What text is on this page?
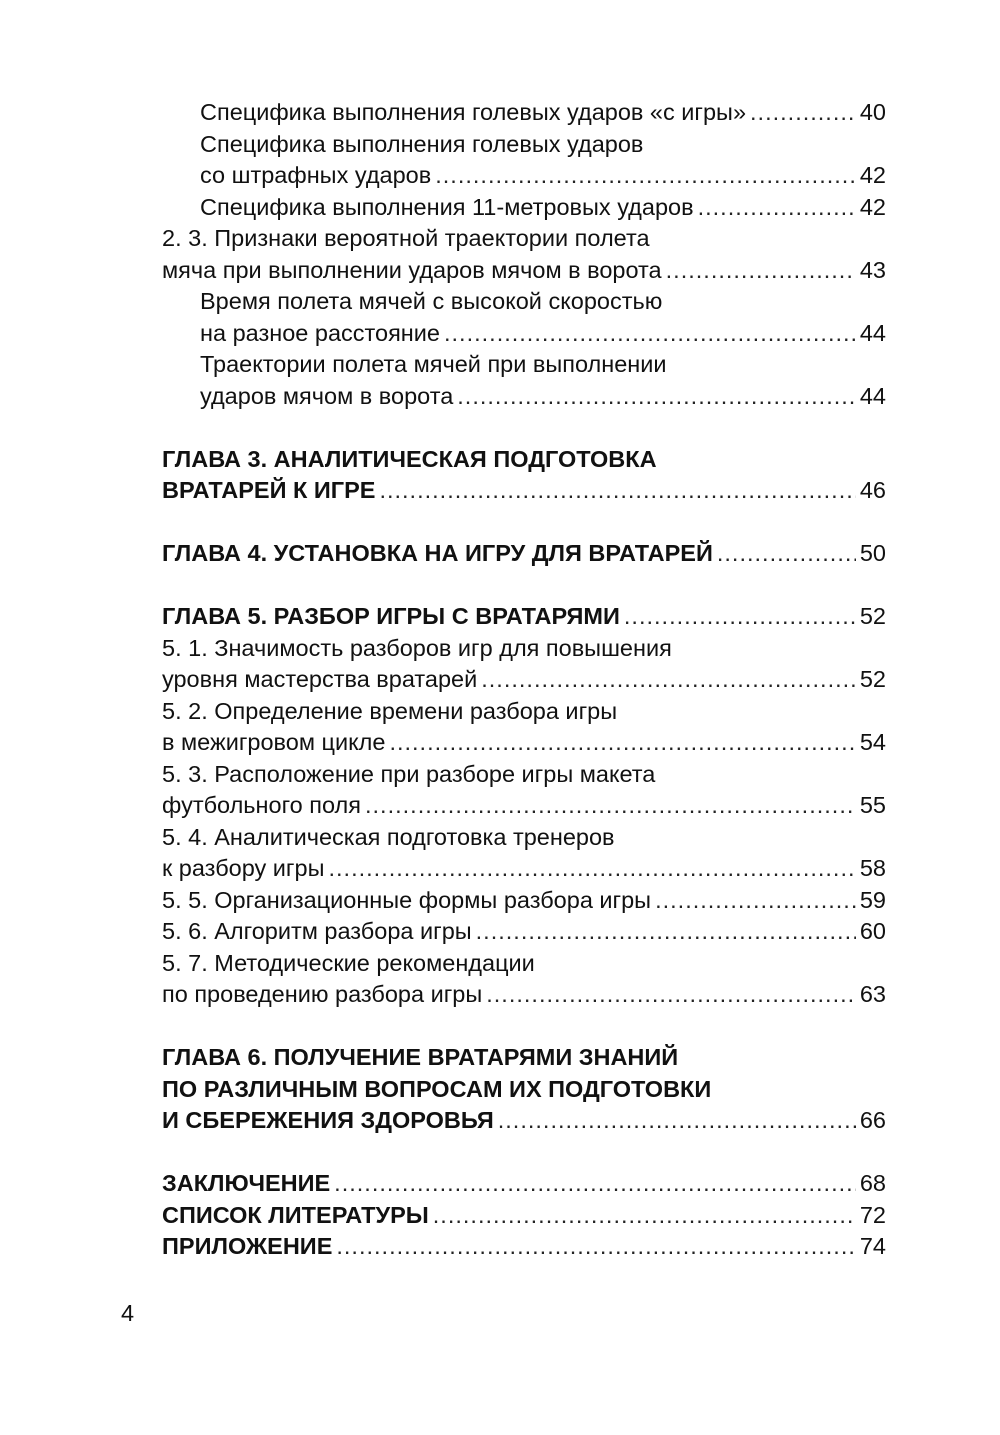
Специфика выполнения голевых ударов «с игры» .....	40
Специфика выполнения голевых ударов
со штрафных ударов .....	42
Специфика выполнения 11-метровых ударов .....	42
2. 3. Признаки вероятной траектории полета
мяча при выполнении ударов мячом в ворота .....	43
Время полета мячей с высокой скоростью
на разное расстояние .....	44
Траектории полета мячей при выполнении
ударов мячом в ворота .....	44
ГЛАВА 3. АНАЛИТИЧЕСКАЯ ПОДГОТОВКА
ВРАТАРЕЙ К ИГРЕ .....	46
ГЛАВА 4. УСТАНОВКА НА ИГРУ ДЛЯ ВРАТАРЕЙ .....	50
ГЛАВА 5. РАЗБОР ИГРЫ С ВРАТАРЯМИ .....	52
5. 1. Значимость разборов игр для повышения
уровня мастерства вратарей .....	52
5. 2. Определение времени разбора игры
в межигровом цикле .....	54
5. 3. Расположение при разборе игры макета
футбольного поля .....	55
5. 4. Аналитическая подготовка тренеров
к разбору игры .....	58
5. 5. Организационные формы разбора игры .....	59
5. 6. Алгоритм разбора игры .....	60
5. 7. Методические рекомендации
по проведению разбора игры .....	63
ГЛАВА 6. ПОЛУЧЕНИЕ ВРАТАРЯМИ ЗНАНИЙ
ПО РАЗЛИЧНЫМ ВОПРОСАМ ИХ ПОДГОТОВКИ
И СБЕРЕЖЕНИЯ ЗДОРОВЬЯ .....	66
ЗАКЛЮЧЕНИЕ .....	68
СПИСОК ЛИТЕРАТУРЫ .....	72
ПРИЛОЖЕНИЕ .....	74
4
